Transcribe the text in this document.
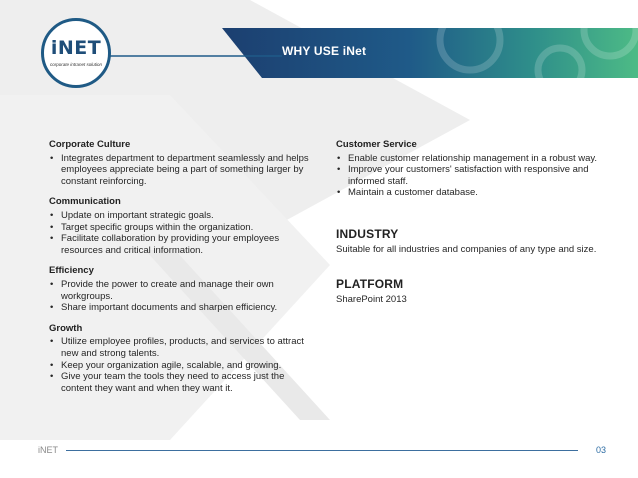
iNET
corporate intranet solution
WHY USE iNet

Corporate Culture

• Integrates department to department seamlessly and helps employees appreciate being a part of something larger by constant reinforcing.

Communication

• Update on important strategic goals.
• Target specific groups within the organization.
• Facilitate collaboration by providing your employees resources and critical information.

Efficiency

• Provide the power to create and manage their own workgroups.
• Share important documents and sharpen efficiency.

Growth

• Utilize employee profiles, products, and services to attract new and strong talents.
• Keep your organization agile, scalable, and growing.
• Give your team the tools they need to access just the content they want and when they want it.

Customer Service

• Enable customer relationship management in a robust way.
• Improve your customers' satisfaction with responsive and informed staff.
• Maintain a customer database.

INDUSTRY

Suitable for all industries and companies of any type and size.

PLATFORM

SharePoint 2013

iNET	03
